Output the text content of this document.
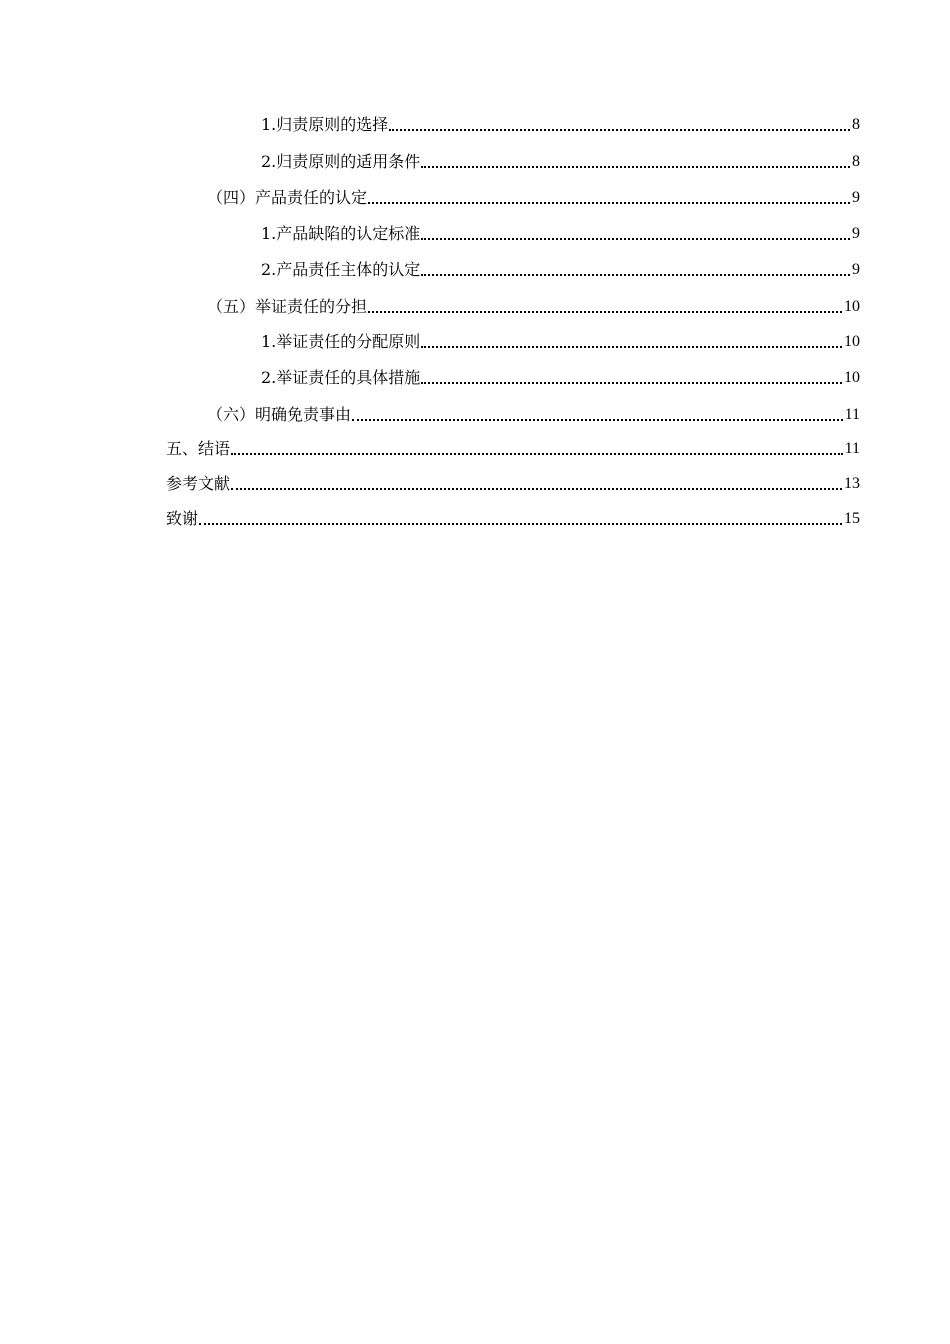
1.归责原则的选择	8
2.归责原则的适用条件	8
（四）产品责任的认定	9
1.产品缺陷的认定标准	9
2.产品责任主体的认定	9
（五）举证责任的分担	10
1.举证责任的分配原则	10
2.举证责任的具体措施	10
（六）明确免责事由	11
五、结语	11
参考文献	13
致谢	15
